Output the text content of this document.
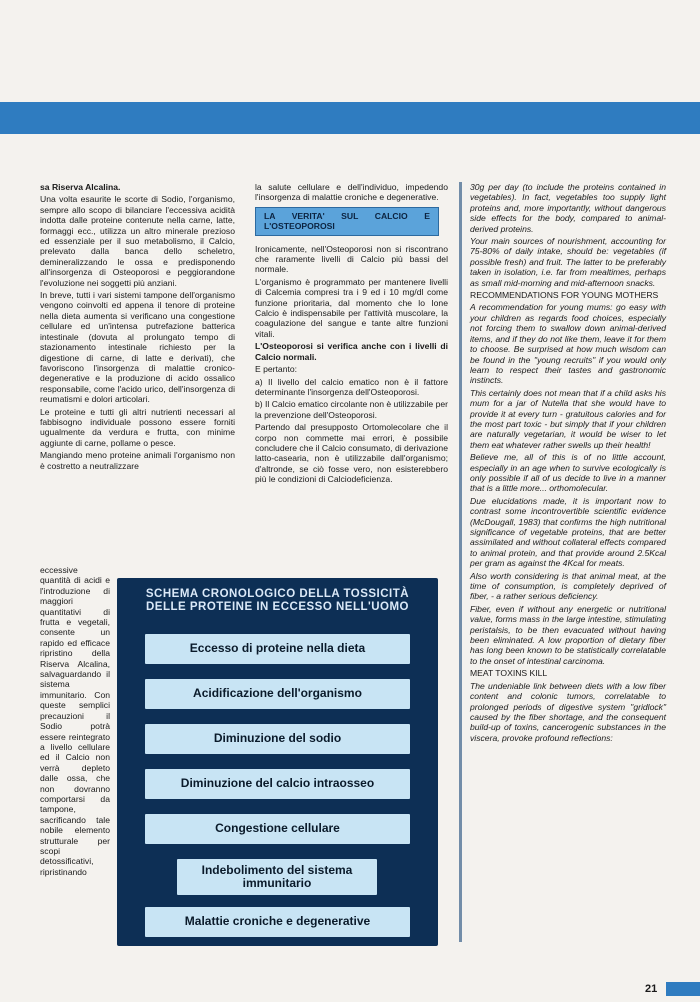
sa Riserva Alcalina.

Una volta esaurite le scorte di Sodio, l'organismo, sempre allo scopo di bilanciare l'eccessiva acidità indotta dalle proteine contenute nella carne, latte, formaggi ecc., utilizza un altro minerale prezioso ed essenziale per il suo metabolismo, il Calcio, prelevato dalla banca dello scheletro, demineralizzando le ossa e predisponendo all'insorgenza di Osteoporosi e peggiorandone l'evoluzione nei soggetti più anziani.

In breve, tutti i vari sistemi tampone dell'organismo vengono coinvolti ed appena il tenore di proteine nella dieta aumenta si verificano una congestione cellulare ed un'intensa putrefazione batterica intestinale (dovuta al prolungato tempo di stazionamento intestinale richiesto per la digestione di carne, di latte e derivati), che favoriscono l'insorgenza di malattie cronico-degenerative e la produzione di acido ossalico responsabile, come l'acido urico, dell'insorgenza di reumatismi e dolori articolari.

Le proteine e tutti gli altri nutrienti necessari al fabbisogno individuale possono essere forniti ugualmente da verdura e frutta, con minime aggiunte di carne, pollame o pesce.

Mangiando meno proteine animali l'organismo non è costretto a neutralizzare

eccessive quantità di acidi e l'introduzione di maggiori quantitativi di frutta e vegetali, consente un rapido ed efficace ripristino della Riserva Alcalina, salvaguardando il sistema immunitario. Con queste semplici precauzioni il Sodio potrà essere reintegrato a livello cellulare ed il Calcio non verrà depleto dalle ossa, che non dovranno comportarsi da tampone, sacrificando tale nobile elemento strutturale per scopi detossificativi, ripristinando

la salute cellulare e dell'individuo, impedendo l'insorgenza di malattie croniche e degenerative.

LA VERITA' SUL CALCIO E L'OSTEOPOROSI

Ironicamente, nell'Osteoporosi non si riscontrano che raramente livelli di Calcio più bassi del normale.

L'organismo è programmato per mantenere livelli di Calcemia compresi tra i 9 ed i 10 mg/dl come funzione prioritaria, dal momento che lo Ione Calcio è indispensabile per l'attività muscolare, la coagulazione del sangue e tante altre funzioni vitali.

L'Osteoporosi si verifica anche con i livelli di Calcio normali.

E pertanto:

a) Il livello del calcio ematico non è il fattore determinante l'insorgenza dell'Osteoporosi.

b) Il Calcio ematico circolante non è utilizzabile per la prevenzione dell'Osteoporosi.

Partendo dal presupposto Ortomolecolare che il corpo non commette mai errori, è possibile concludere che il Calcio consumato, di derivazione latto-casearia, non è utilizzabile dall'organismo; d'altronde, se ciò fosse vero, non esisterebbero più le condizioni di Calciodeficienza.

30g per day (to include the proteins contained in vegetables). In fact, vegetables too supply light proteins and, more importantly, without dangerous side effects for the body, compared to animal-derived proteins.

Your main sources of nourishment, accounting for 75-80% of daily intake, should be: vegetables (if possible fresh) and fruit. The latter to be preferably taken in isolation, i.e. far from mealtimes, perhaps as small mid-morning and mid-afternoon snacks.

RECOMMENDATIONS FOR YOUNG MOTHERS

A recommendation for young mums: go easy with your children as regards food choices, especially not forcing them to swallow down animal-derived items, and if they do not like them, leave it for them to choose. Be surprised at how much wisdom can be found in the "young recruits" if you would only learn to respect their tastes and gastronomic instincts.

This certainly does not mean that if a child asks his mum for a jar of Nutella that she would have to provide it at every turn - gratuitous calories and for the most part toxic - but simply that if your children are naturally vegetarian, it would be wiser to let them eat whatever rather swells up their health!

Believe me, all of this is of no little account, especially in an age when to survive ecologically is only possible if all of us decide to live in a manner that is a little more... orthomolecular.

Due elucidations made, it is important now to contrast some incontrovertible scientific evidence (McDougall, 1983) that confirms the high nutritional significance of vegetable proteins, that are better assimilated and without collateral effects compared to animal protein, and that provide around 2.5Kcal per gram as against the 4Kcal for meats.

Also worth considering is that animal meat, at the time of consumption, is completely deprived of fiber, - a rather serious deficiency.

Fiber, even if without any energetic or nutritional value, forms mass in the large intestine, stimulating peristalsis, to be then evacuated without having been eliminated. A low proportion of dietary fiber has long been known to be statistically correlatable to the onset of intestinal carcinoma.

MEAT TOXINS KILL

The undeniable link between diets with a low fiber content and colonic tumors, correlatable to prolonged periods of digestive system "gridlock" caused by the fiber shortage, and the consequent build-up of toxins, cancerogenic substances in the viscera, provoke profound reflections:

SCHEMA CRONOLOGICO DELLA TOSSICITÀ
DELLE PROTEINE IN ECCESSO NELL'UOMO
Eccesso di proteine nella dieta
Acidificazione dell'organismo
Diminuzione del sodio
Diminuzione del calcio intraosseo
Congestione cellulare
Indebolimento del sistema immunitario
Malattie croniche e degenerative
21
